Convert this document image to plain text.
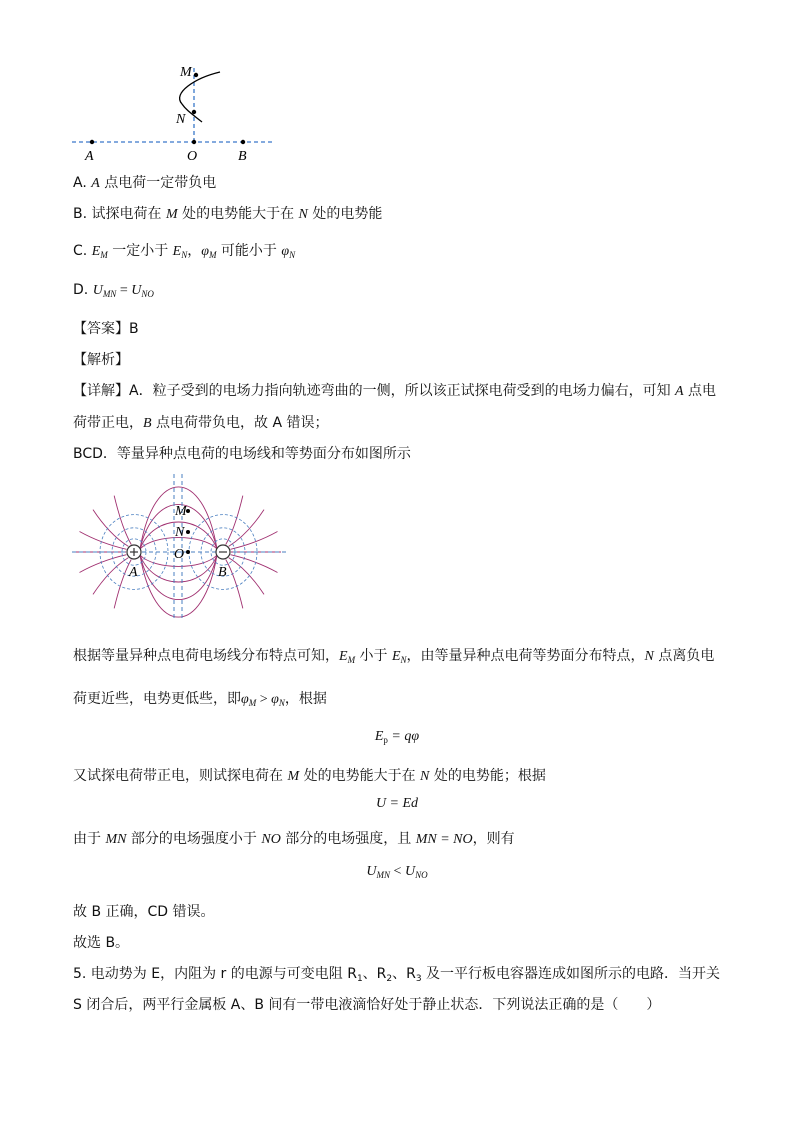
M
N
A	O	B
A. A 点电荷一定带负电
B. 试探电荷在 M 处的电势能大于在 N 处的电势能
C. $E_M$ 一定小于 $E_N$，$\varphi_M$ 可能小于 $\varphi_N$
D. $U_{MN} = U_{NO}$
【答案】B
【解析】
【详解】A．粒子受到的电场力指向轨迹弯曲的一侧，所以该正试探电荷受到的电场力偏右，可知 A 点电
荷带正电，B 点电荷带负电，故 A 错误；
BCD．等量异种点电荷的电场线和等势面分布如图所示
M
N
O
A	B
根据等量异种点电荷电场线分布特点可知，$E_M$ 小于 $E_N$，由等量异种点电荷等势面分布特点，N 点离负电
荷更近些，电势更低些，即$\varphi_M > \varphi_N$，根据
$E_p = q\varphi$
又试探电荷带正电，则试探电荷在 M 处的电势能大于在 N 处的电势能；根据
U = Ed
由于 MN 部分的电场强度小于 NO 部分的电场强度，且 MN = NO，则有
$U_{MN} < U_{NO}$
故 B 正确，CD 错误。
故选 B。
5. 电动势为 E，内阻为 r 的电源与可变电阻 $R_1$、$R_2$、$R_3$ 及一平行板电容器连成如图所示的电路．当开关
S 闭合后，两平行金属板 A、B 间有一带电液滴恰好处于静止状态．下列说法正确的是（　　）
